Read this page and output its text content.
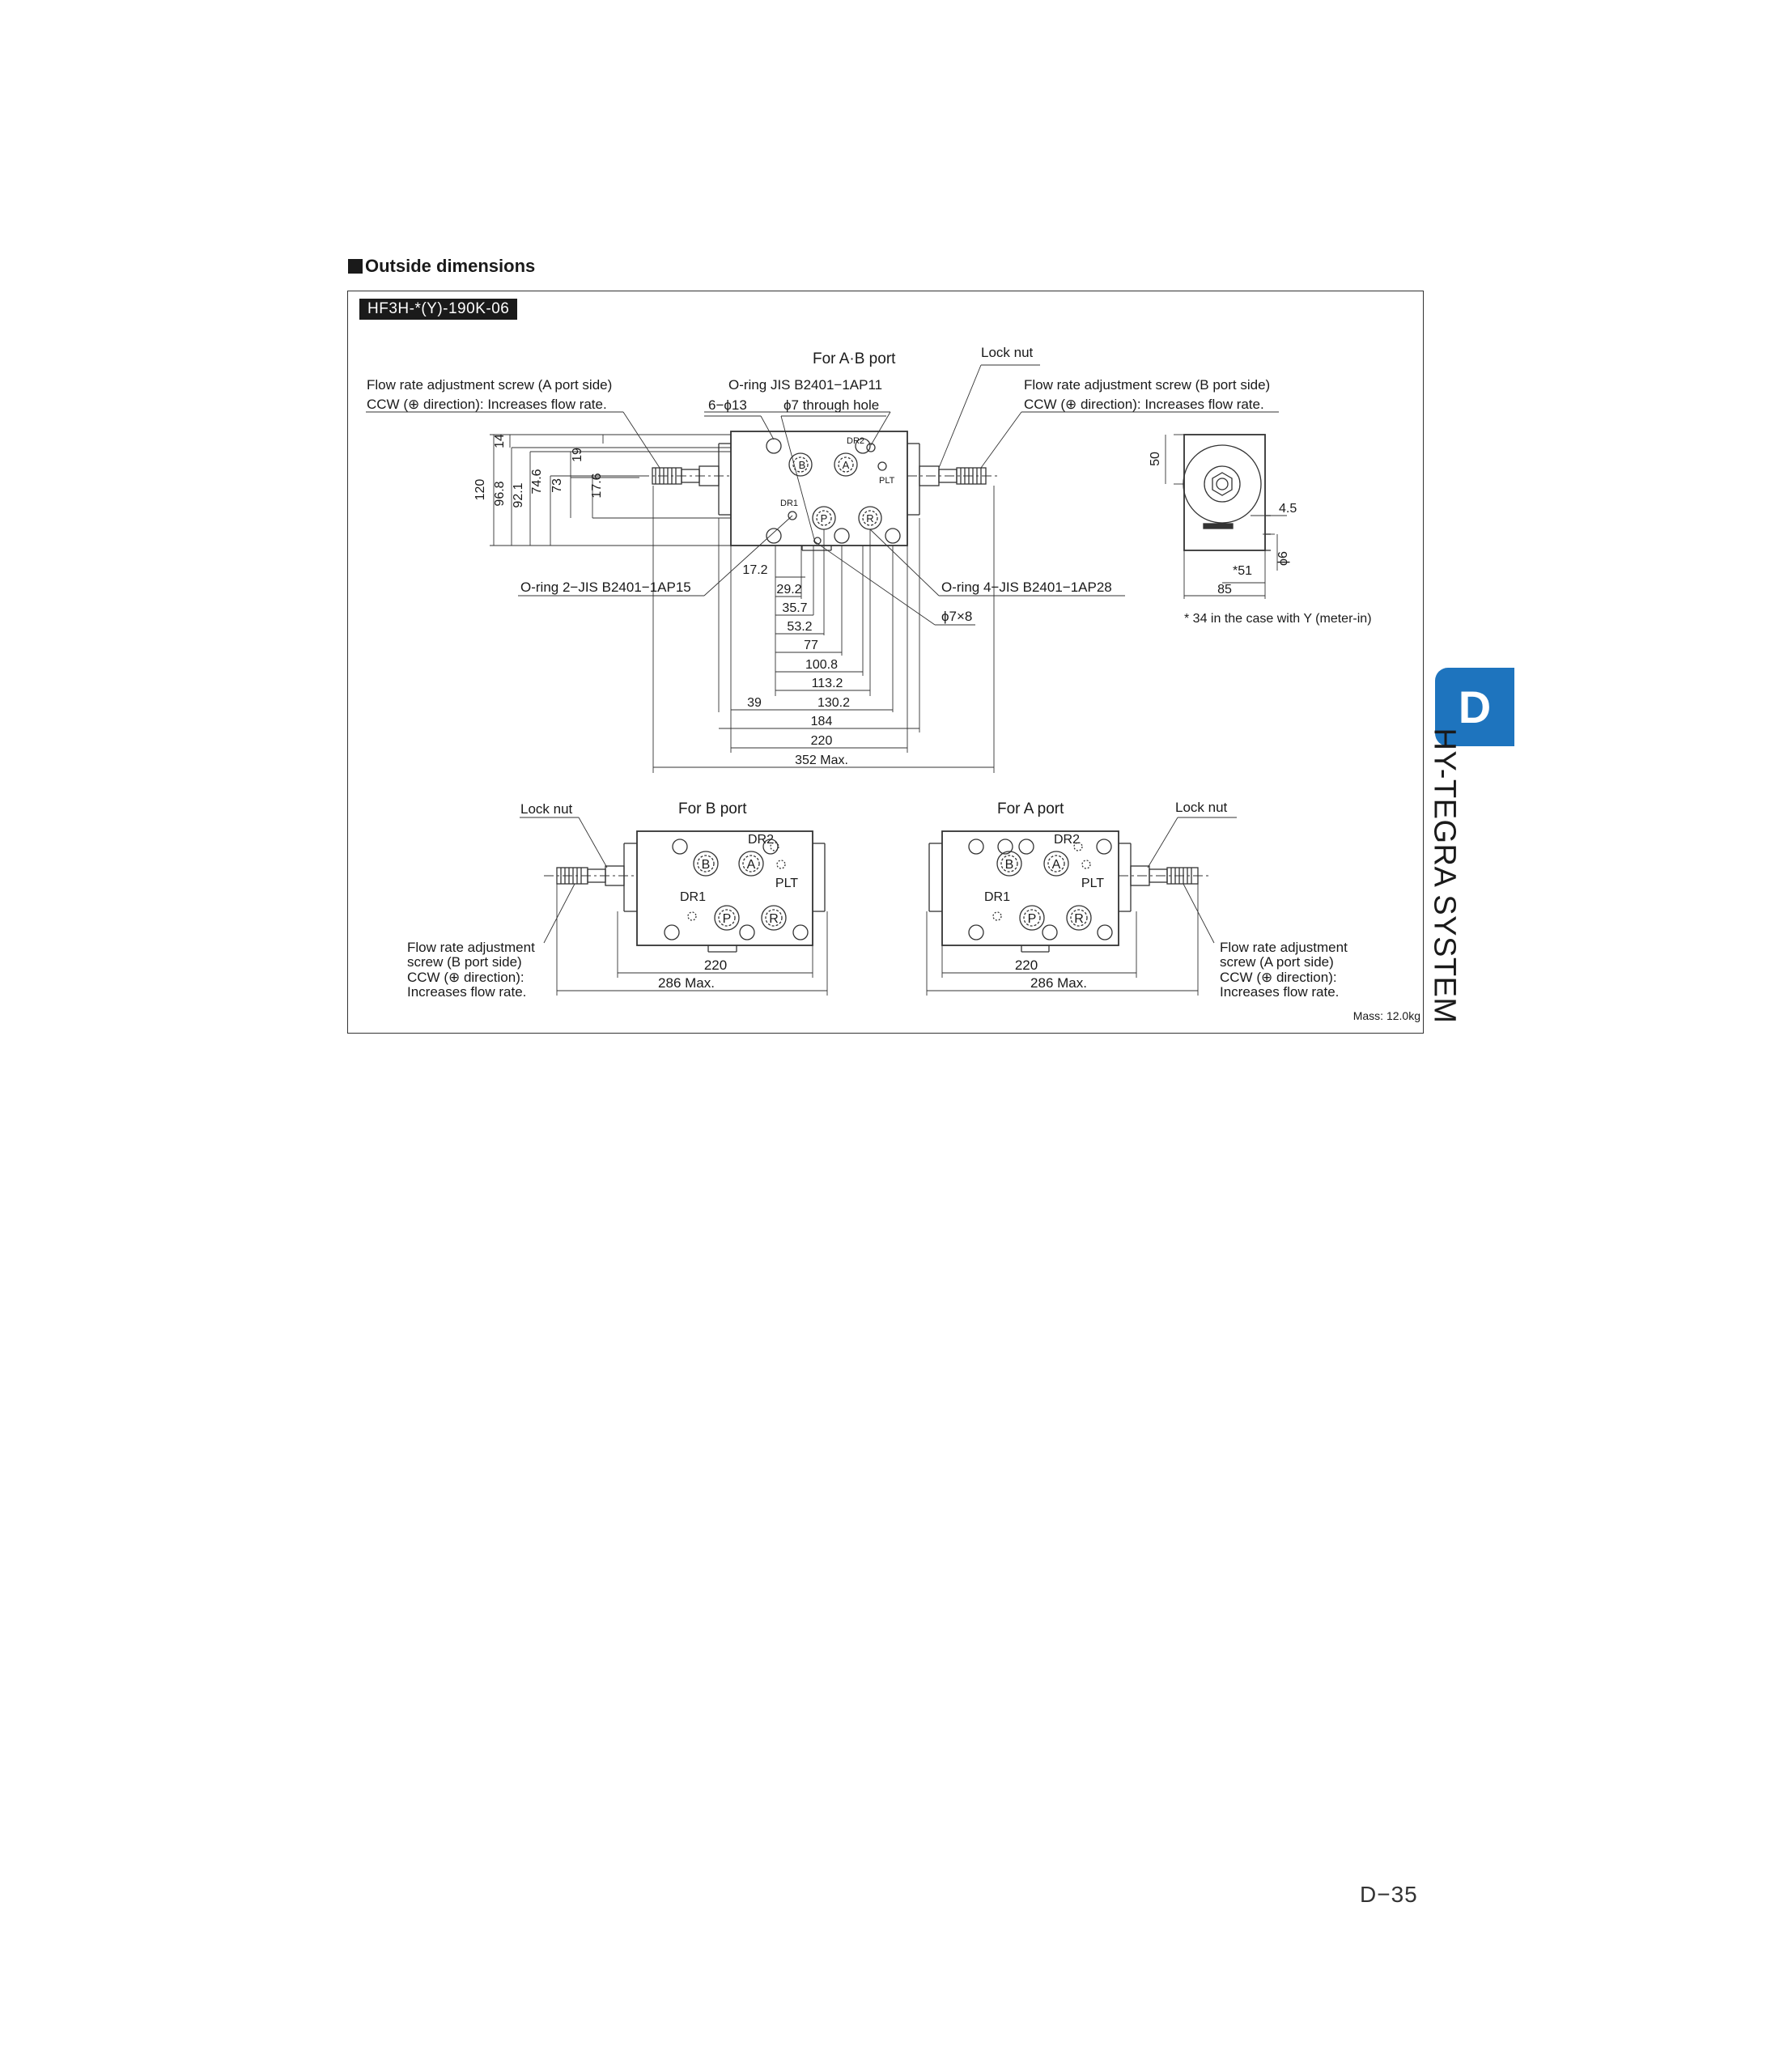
Outside dimensions
HF3H-*(Y)-190K-06
B	A
P	R
DR2
PLT
DR1
120 96.8 92.1
74.6 73 17.6
14
19
17.2
29.2
35.7
53.2
77
100.8
113.2
39	130.2
184
220
352 Max.
For A·B port	Lock nut
Flow rate adjustment screw (A port side)
CCW (⊕ direction): Increases flow rate.
O-ring JIS B2401−1AP11
6−ϕ13	ϕ7 through hole
Flow rate adjustment screw (B port side)
CCW (⊕ direction): Increases flow rate.
O-ring 2−JIS B2401−1AP15	O-ring 4−JIS B2401−1AP28
ϕ7×8
50
4.5
ϕ6
*51
85
* 34 in the case with Y (meter-in)
B	A
P	R
DR2
PLT
DR1
For B port
Lock nut
220
286 Max.
Flow rate adjustment
screw (B port side)
CCW (⊕ direction):
Increases flow rate.
B	A
P	R
DR2
PLT
DR1
For A port	Lock nut
220
286 Max.
Flow rate adjustment
screw (A port side)
CCW (⊕ direction):
Increases flow rate.
Mass: 12.0kg
D
HY-TEGRA SYSTEM
D−35
